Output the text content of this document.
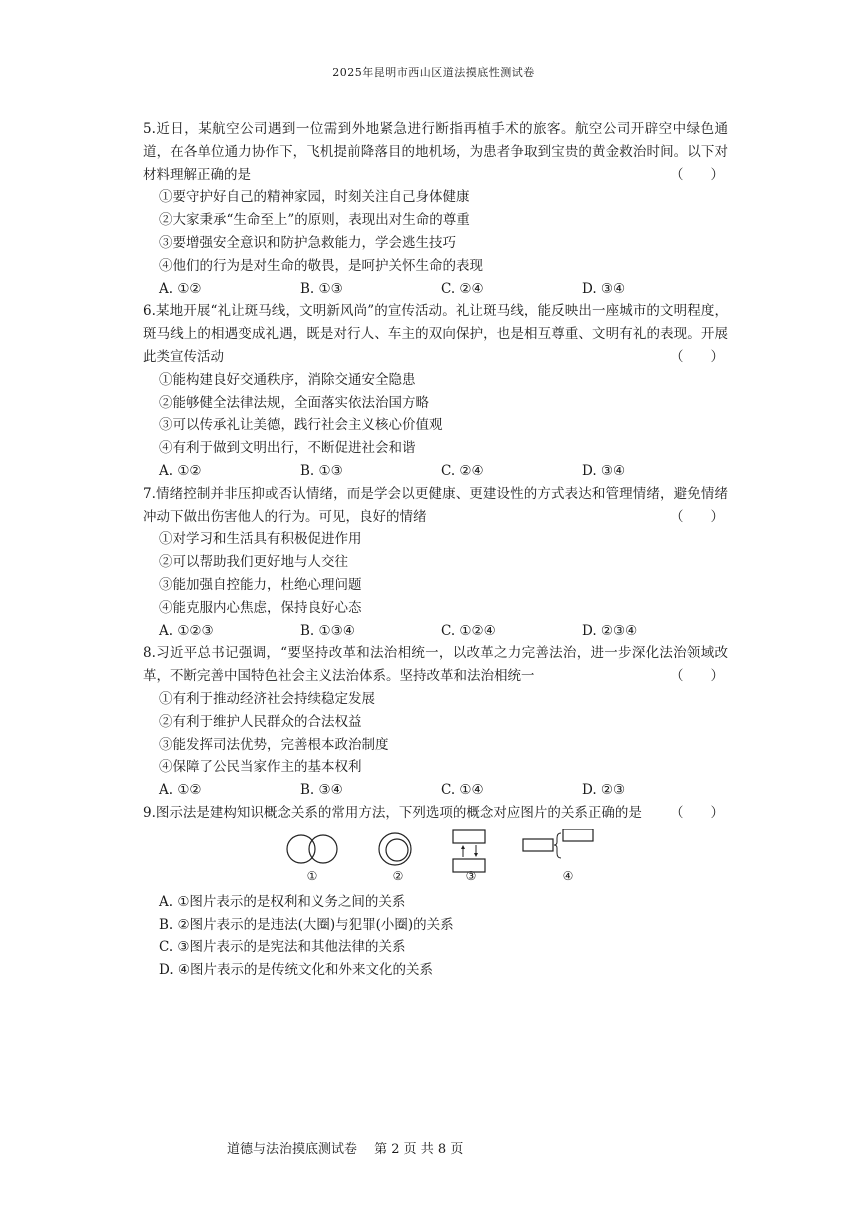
2025年昆明市西山区道法摸底性测试卷
5.近日，某航空公司遇到一位需到外地紧急进行断指再植手术的旅客。航空公司开辟空中绿色通道，在各单位通力协作下，飞机提前降落目的地机场，为患者争取到宝贵的黄金救治时间。以下对材料理解正确的是	（　　）
①要守护好自己的精神家园，时刻关注自己身体健康
②大家秉承“生命至上”的原则，表现出对生命的尊重
③要增强安全意识和防护急救能力，学会逃生技巧
④他们的行为是对生命的敬畏，是呵护关怀生命的表现
A. ①②	B. ①③	C. ②④	D. ③④
6.某地开展“礼让斑马线，文明新风尚”的宣传活动。礼让斑马线，能反映出一座城市的文明程度，斑马线上的相遇变成礼遇，既是对行人、车主的双向保护，也是相互尊重、文明有礼的表现。开展此类宣传活动	（　　）
①能构建良好交通秩序，消除交通安全隐患
②能够健全法律法规，全面落实依法治国方略
③可以传承礼让美德，践行社会主义核心价值观
④有利于做到文明出行，不断促进社会和谐
A. ①②	B. ①③	C. ②④	D. ③④
7.情绪控制并非压抑或否认情绪，而是学会以更健康、更建设性的方式表达和管理情绪，避免情绪冲动下做出伤害他人的行为。可见，良好的情绪	（　　）
①对学习和生活具有积极促进作用
②可以帮助我们更好地与人交往
③能加强自控能力，杜绝心理问题
④能克服内心焦虑，保持良好心态
A. ①②③	B. ①③④	C. ①②④	D. ②③④
8.习近平总书记强调，“要坚持改革和法治相统一，以改革之力完善法治，进一步深化法治领域改革，不断完善中国特色社会主义法治体系。坚持改革和法治相统一	（　　）
①有利于推动经济社会持续稳定发展
②有利于维护人民群众的合法权益
③能发挥司法优势，完善根本政治制度
④保障了公民当家作主的基本权利
A. ①②	B. ③④	C. ①④	D. ②③
9.图示法是建构知识概念关系的常用方法，下列选项的概念对应图片的关系正确的是 （　　）
①	②	③	④
A. ①图片表示的是权利和义务之间的关系
B. ②图片表示的是违法(大圈)与犯罪(小圈)的关系
C. ③图片表示的是宪法和其他法律的关系
D. ④图片表示的是传统文化和外来文化的关系
道德与法治摸底测试卷　 第 2 页 共 8 页
